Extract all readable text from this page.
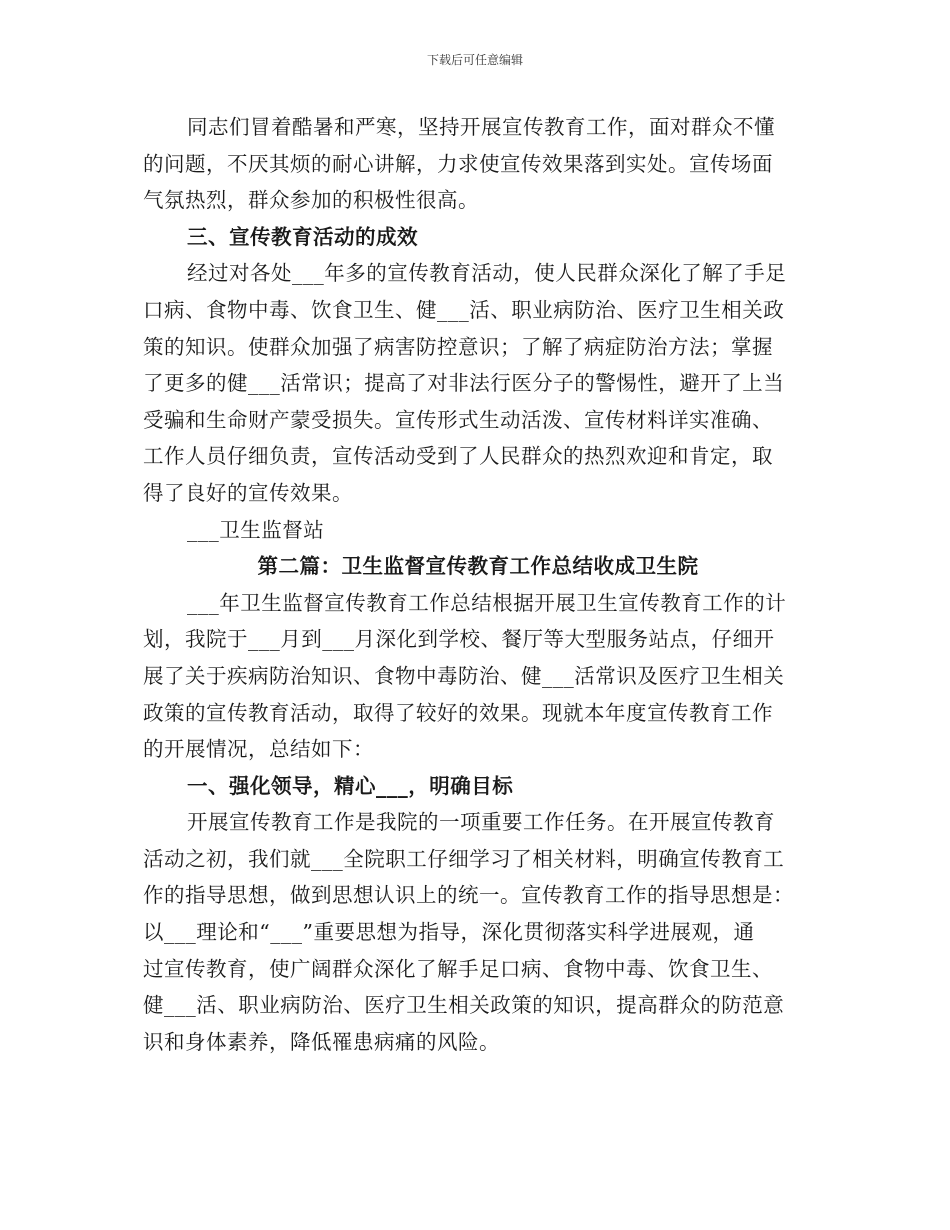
下载后可任意编辑
同志们冒着酷暑和严寒，坚持开展宣传教育工作，面对群众不懂
的问题，不厌其烦的耐心讲解，力求使宣传效果落到实处。宣传场面
气氛热烈，群众参加的积极性很高。
三、宣传教育活动的成效
经过对各处___年多的宣传教育活动，使人民群众深化了解了手足
口病、食物中毒、饮食卫生、健___活、职业病防治、医疗卫生相关政
策的知识。使群众加强了病害防控意识；了解了病症防治方法；掌握
了更多的健___活常识；提高了对非法行医分子的警惕性，避开了上当
受骗和生命财产蒙受损失。宣传形式生动活泼、宣传材料详实准确、
工作人员仔细负责，宣传活动受到了人民群众的热烈欢迎和肯定，取
得了良好的宣传效果。
___卫生监督站
第二篇：卫生监督宣传教育工作总结收成卫生院
___年卫生监督宣传教育工作总结根据开展卫生宣传教育工作的计
划，我院于___月到___月深化到学校、餐厅等大型服务站点，仔细开
展了关于疾病防治知识、食物中毒防治、健___活常识及医疗卫生相关
政策的宣传教育活动，取得了较好的效果。现就本年度宣传教育工作
的开展情况，总结如下：
一、强化领导，精心___，明确目标
开展宣传教育工作是我院的一项重要工作任务。在开展宣传教育
活动之初，我们就___全院职工仔细学习了相关材料，明确宣传教育工
作的指导思想，做到思想认识上的统一。宣传教育工作的指导思想是：
以___理论和“___”重要思想为指导，深化贯彻落实科学进展观，通
过宣传教育，使广阔群众深化了解手足口病、食物中毒、饮食卫生、
健___活、职业病防治、医疗卫生相关政策的知识，提高群众的防范意
识和身体素养，降低罹患病痛的风险。
